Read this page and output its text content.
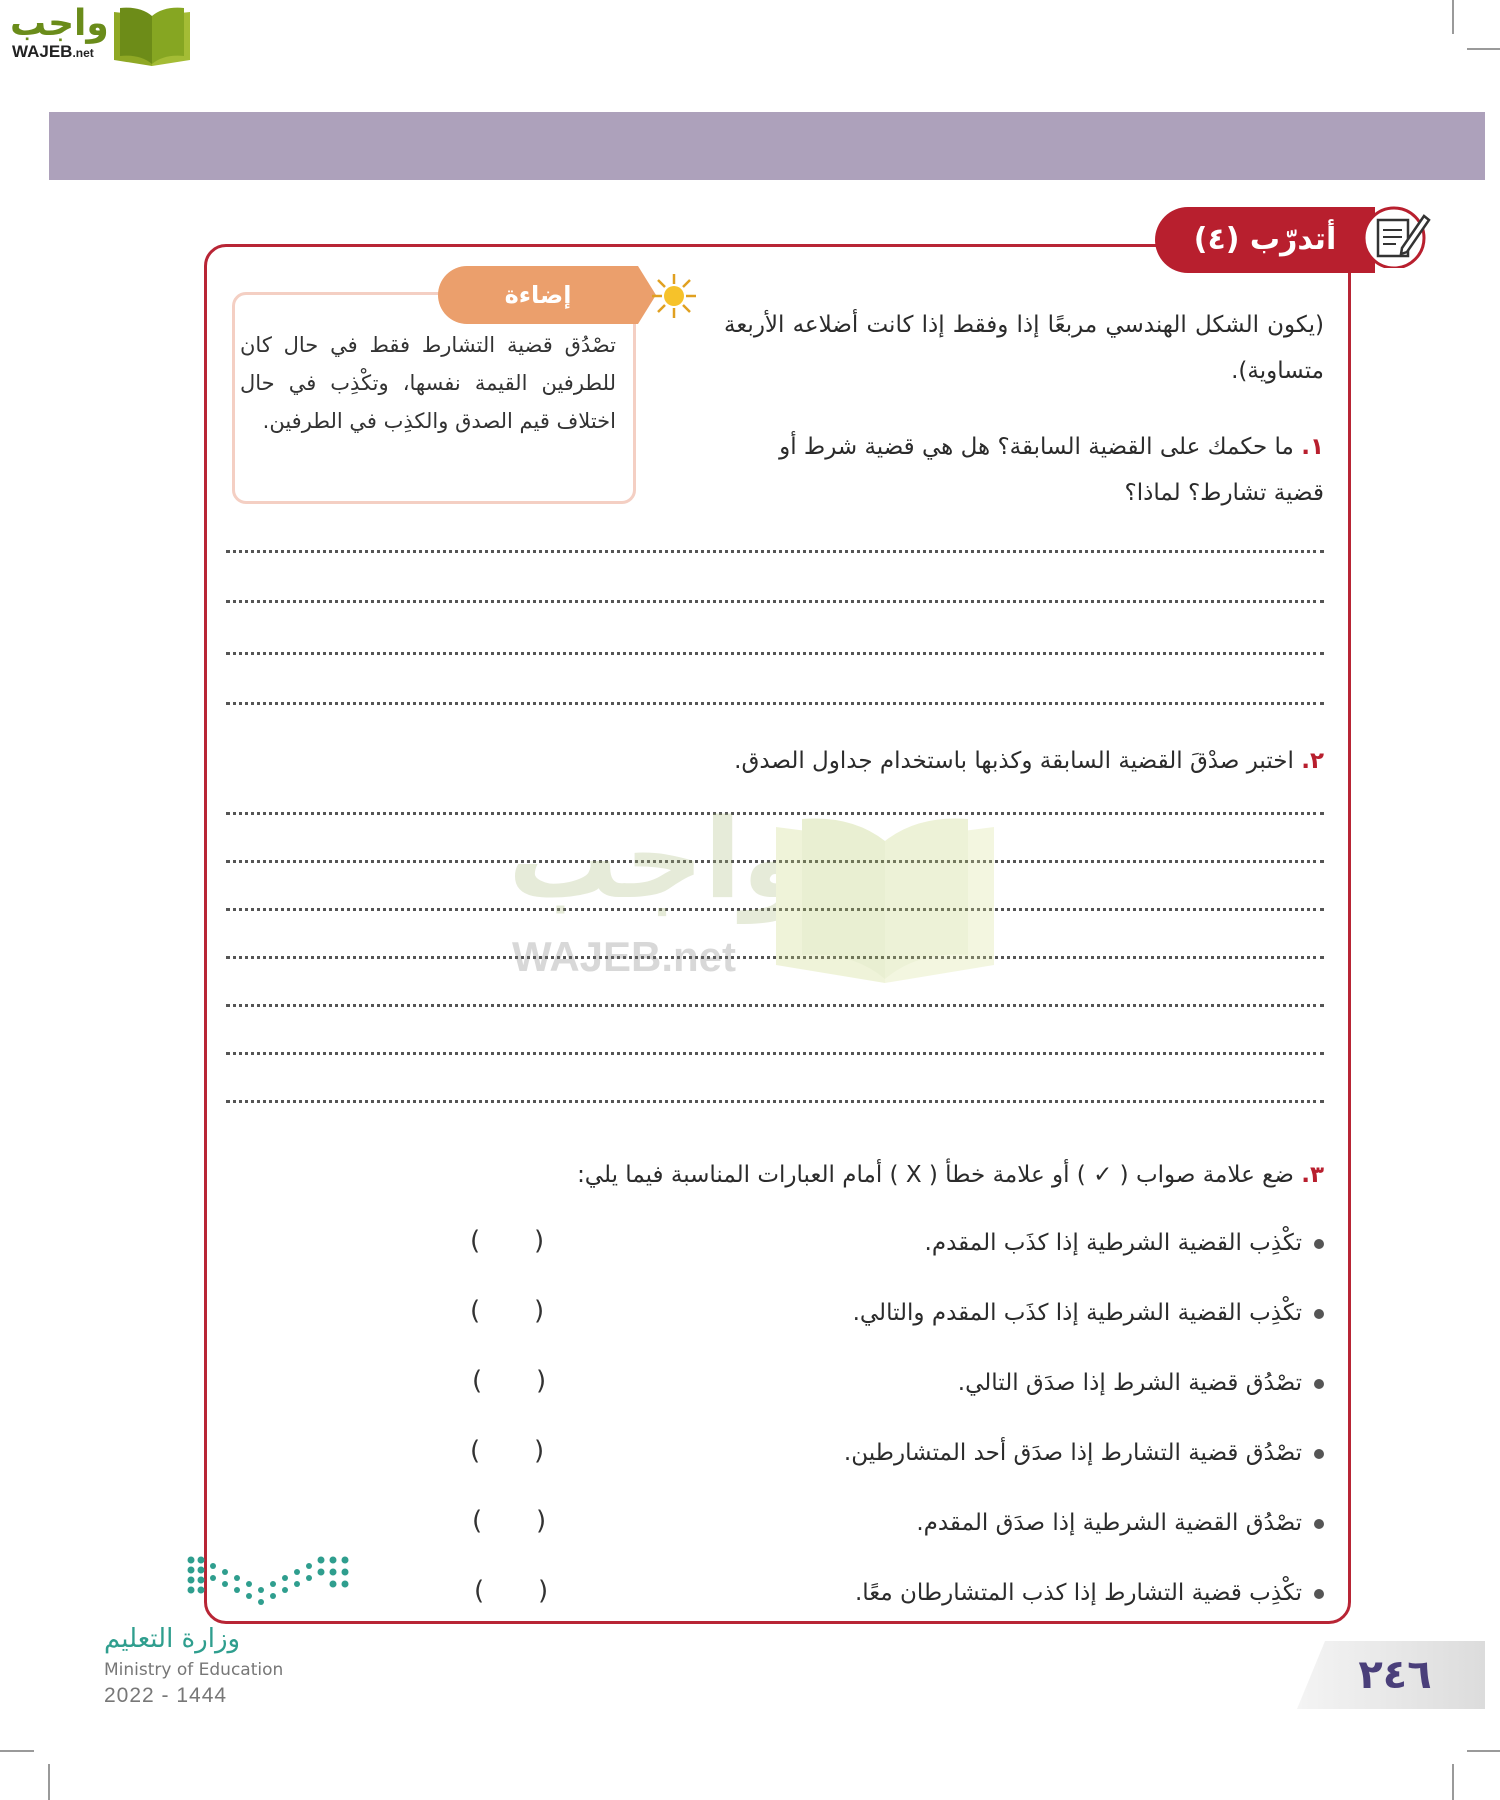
واجب
WAJEB.net
أتدرّب (٤)
إضاءة
تصْدُق قضية التشارط فقط في حال كان للطرفين القيمة نفسها، وتكْذِب في حال اختلاف قيم الصدق والكذِب في الطرفين.
(يكون الشكل الهندسي مربعًا إذا وفقط إذا كانت أضلاعه الأربعة متساوية).
١. ما حكمك على القضية السابقة؟ هل هي قضية شرط أو قضية تشارط؟ لماذا؟
٢. اختبر صدْقَ القضية السابقة وكذبها باستخدام جداول الصدق.
واجب
WAJEB.net
٣. ضع علامة صواب ( ✓ ) أو علامة خطأ ( X ) أمام العبارات المناسبة فيما يلي:
تكْذِب القضية الشرطية إذا كذَب المقدم.
تكْذِب القضية الشرطية إذا كذَب المقدم والتالي.
تصْدُق قضية الشرط إذا صدَق التالي.
تصْدُق قضية التشارط إذا صدَق أحد المتشارطين.
تصْدُق القضية الشرطية إذا صدَق المقدم.
تكْذِب قضية التشارط إذا كذب المتشارطان معًا.
( )
( )
( )
( )
( )
( )
وزارة التعليم
Ministry of Education
2022 - 1444	٢٤٦
